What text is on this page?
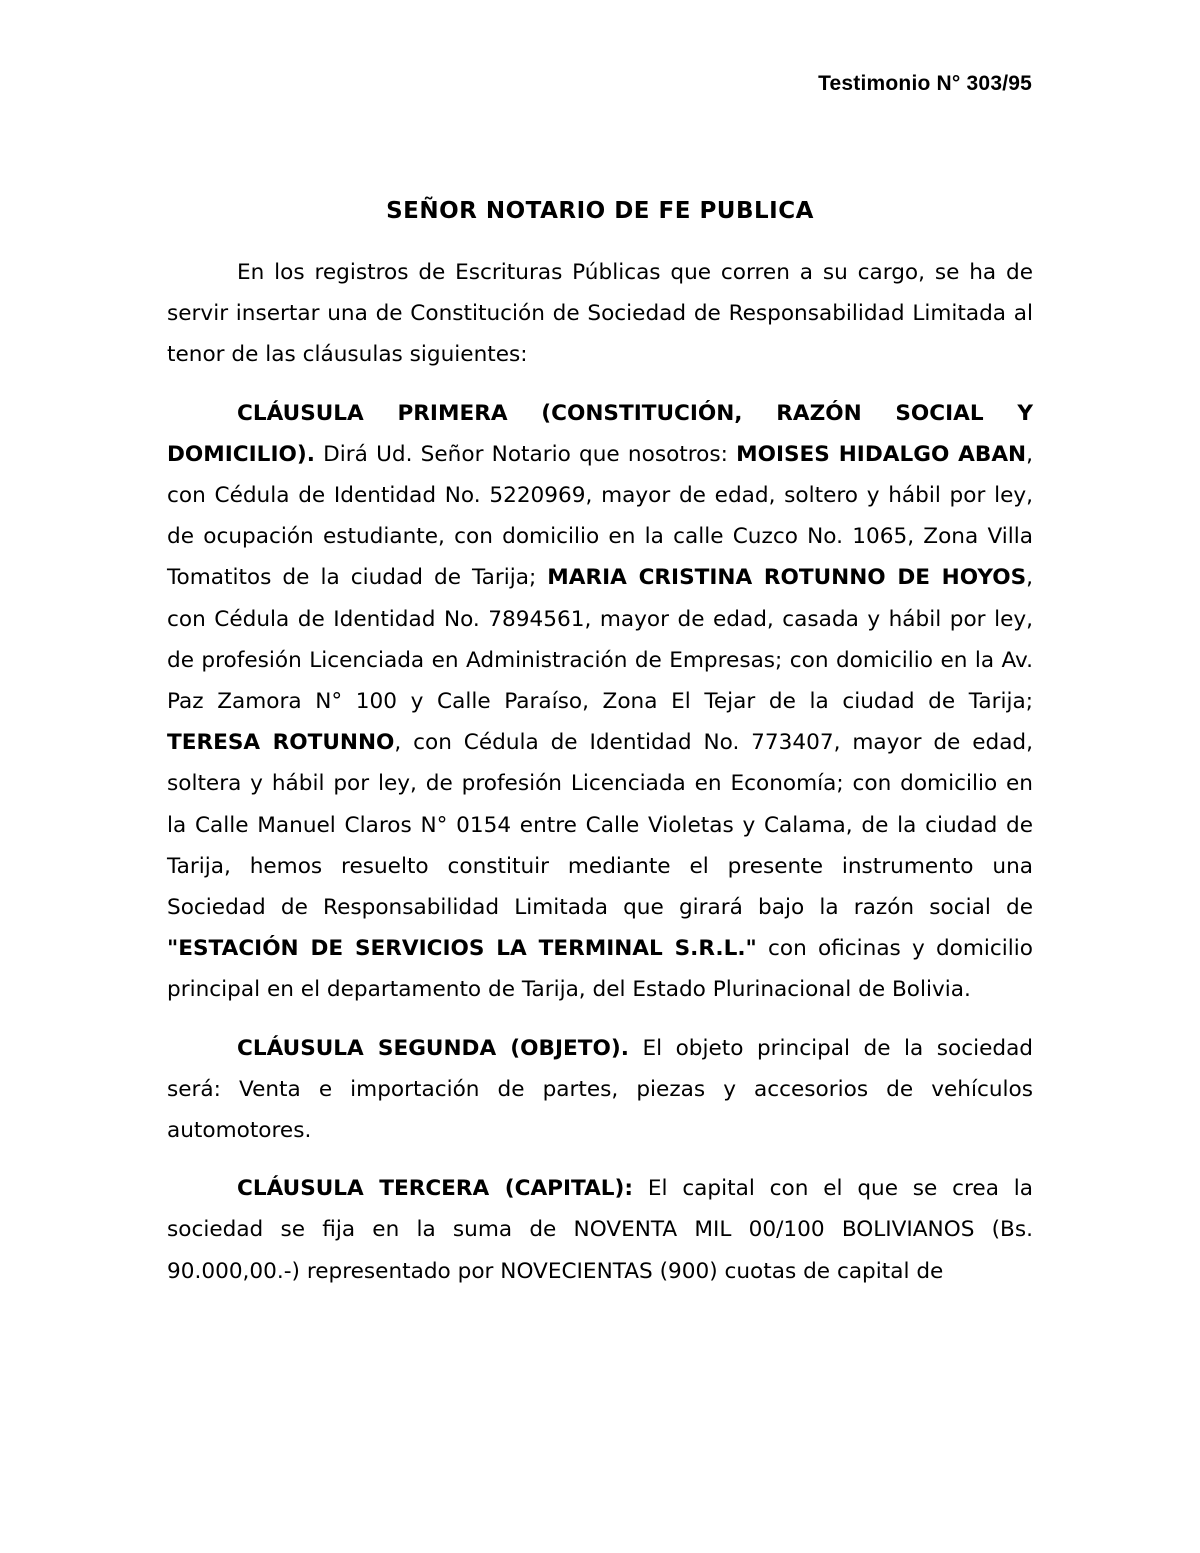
Testimonio N° 303/95
SEÑOR NOTARIO DE FE PUBLICA

En los registros de Escrituras Públicas que corren a su cargo, se ha de servir insertar una de Constitución de Sociedad de Responsabilidad Limitada al tenor de las cláusulas siguientes:

CLÁUSULA PRIMERA (CONSTITUCIÓN, RAZÓN SOCIAL Y DOMICILIO). Dirá Ud. Señor Notario que nosotros: MOISES HIDALGO ABAN, con Cédula de Identidad No. 5220969, mayor de edad, soltero y hábil por ley, de ocupación estudiante, con domicilio en la calle Cuzco No. 1065, Zona Villa Tomatitos de la ciudad de Tarija; MARIA CRISTINA ROTUNNO DE HOYOS, con Cédula de Identidad No. 7894561, mayor de edad, casada y hábil por ley, de profesión Licenciada en Administración de Empresas; con domicilio en la Av. Paz Zamora N° 100 y Calle Paraíso, Zona El Tejar de la ciudad de Tarija; TERESA ROTUNNO, con Cédula de Identidad No. 773407, mayor de edad, soltera y hábil por ley, de profesión Licenciada en Economía; con domicilio en la Calle Manuel Claros N° 0154 entre Calle Violetas y Calama, de la ciudad de Tarija, hemos resuelto constituir mediante el presente instrumento una Sociedad de Responsabilidad Limitada que girará bajo la razón social de "ESTACIÓN DE SERVICIOS LA TERMINAL S.R.L." con oficinas y domicilio principal en el departamento de Tarija, del Estado Plurinacional de Bolivia.

CLÁUSULA SEGUNDA (OBJETO). El objeto principal de la sociedad será: Venta e importación de partes, piezas y accesorios de vehículos automotores.

CLÁUSULA TERCERA (CAPITAL): El capital con el que se crea la sociedad se fija en la suma de NOVENTA MIL 00/100 BOLIVIANOS (Bs. 90.000,00.-) representado por NOVECIENTAS (900) cuotas de capital de
